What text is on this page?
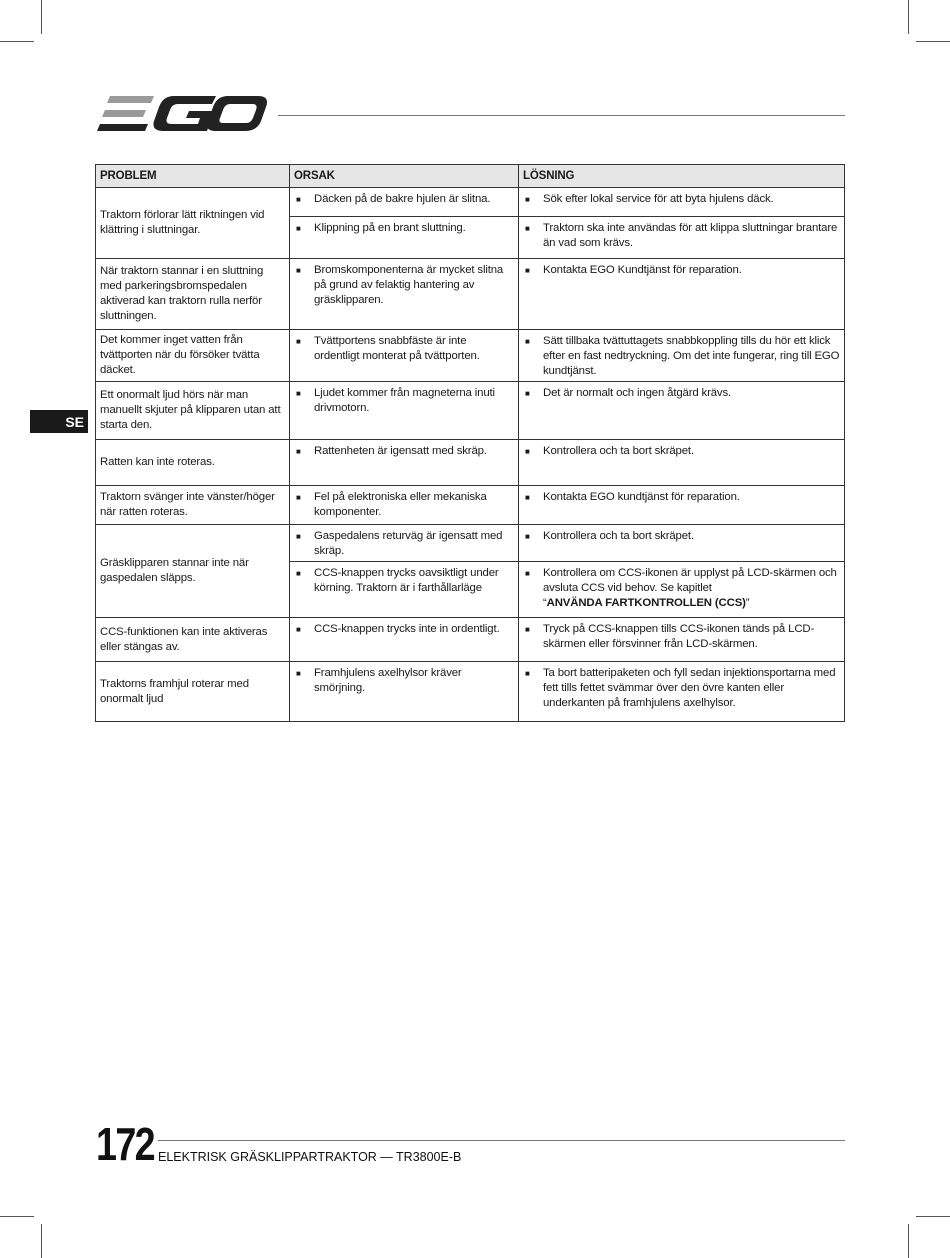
SE
PROBLEM	ORSAK	LÖSNING
Traktorn förlorar lätt riktningen vid klättring i sluttningar.	■ Däcken på de bakre hjulen är slitna.	■ Sök efter lokal service för att byta hjulens däck.

	■ Klippning på en brant sluttning.	■ Traktorn ska inte användas för att klippa sluttningar brantare än vad som krävs.

När traktorn stannar i en sluttning med parkeringsbromspedalen aktiverad kan traktorn rulla nerför sluttningen.	■ Bromskomponenterna är mycket slitna på grund av felaktig hantering av gräsklipparen.	■ Kontakta EGO Kundtjänst för reparation.

Det kommer inget vatten från tvättporten när du försöker tvätta däcket.	■ Tvättportens snabbfäste är inte ordentligt monterat på tvättporten.	■ Sätt tillbaka tvättuttagets snabbkoppling tills du hör ett klick efter en fast nedtryckning. Om det inte fungerar, ring till EGO kundtjänst.

Ett onormalt ljud hörs när man manuellt skjuter på klipparen utan att starta den.	■ Ljudet kommer från magneterna inuti drivmotorn.	■ Det är normalt och ingen åtgärd krävs.

Ratten kan inte roteras.	■ Rattenheten är igensatt med skräp.	■ Kontrollera och ta bort skräpet.

Traktorn svänger inte vänster/höger när ratten roteras.	■ Fel på elektroniska eller mekaniska komponenter.	■ Kontakta EGO kundtjänst för reparation.

Gräsklipparen stannar inte när gaspedalen släpps.	■ Gaspedalens returväg är igensatt med skräp.	■ Kontrollera och ta bort skräpet.

	■ CCS-knappen trycks oavsiktligt under körning. Traktorn är i farthållarläge	■ Kontrollera om CCS-ikonen är upplyst på LCD-skärmen och avsluta CCS vid behov. Se kapitlet
“ANVÄNDA FARTKONTROLLEN (CCS)”

CCS-funktionen kan inte aktiveras eller stängas av.	■ CCS-knappen trycks inte in ordentligt.	■ Tryck på CCS-knappen tills CCS-ikonen tänds på LCD-skärmen eller försvinner från LCD-skärmen.

Traktorns framhjul roterar med onormalt ljud	■ Framhjulens axelhylsor kräver smörjning.	■ Ta bort batteripaketen och fyll sedan injektionsportarna med fett tills fettet svämmar över den övre kanten eller underkanten på framhjulens axelhylsor.
172 ELEKTRISK GRÄSKLIPPARTRAKTOR — TR3800E-B
